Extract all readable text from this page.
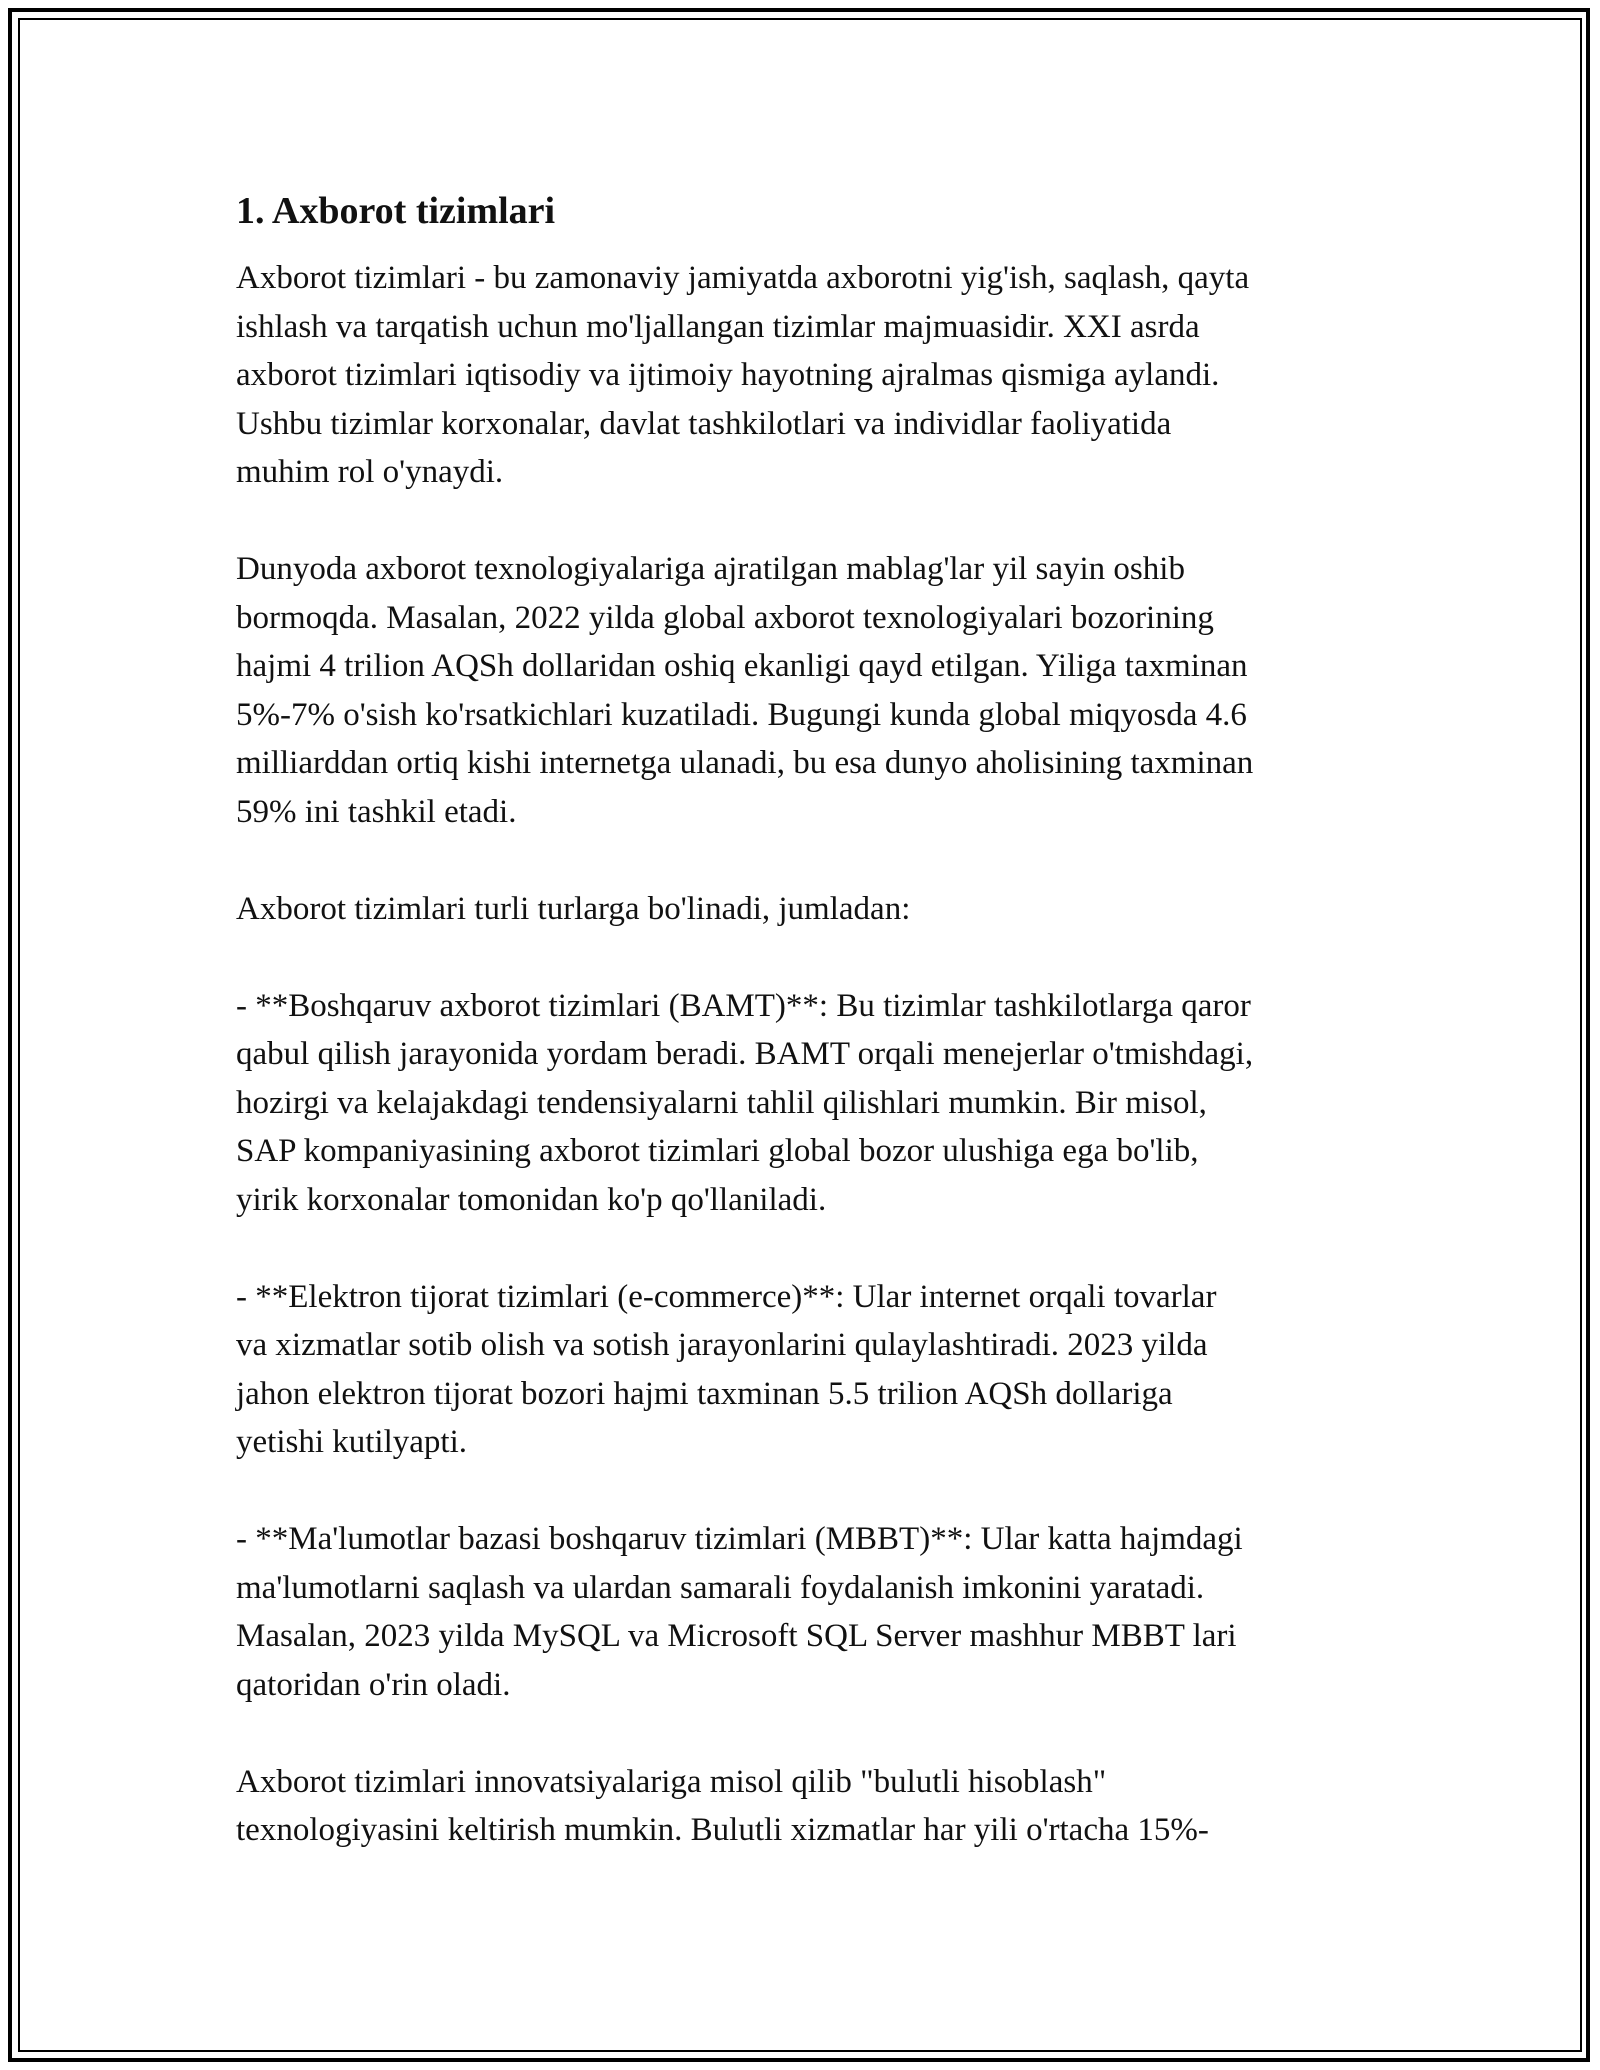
1. Axborot tizimlari

Axborot tizimlari - bu zamonaviy jamiyatda axborotni yig'ish, saqlash, qayta
ishlash va tarqatish uchun mo'ljallangan tizimlar majmuasidir. XXI asrda
axborot tizimlari iqtisodiy va ijtimoiy hayotning ajralmas qismiga aylandi.
Ushbu tizimlar korxonalar, davlat tashkilotlari va individlar faoliyatida
muhim rol o'ynaydi.

Dunyoda axborot texnologiyalariga ajratilgan mablag'lar yil sayin oshib
bormoqda. Masalan, 2022 yilda global axborot texnologiyalari bozorining
hajmi 4 trilion AQSh dollaridan oshiq ekanligi qayd etilgan. Yiliga taxminan
5%-7% o'sish ko'rsatkichlari kuzatiladi. Bugungi kunda global miqyosda 4.6
milliarddan ortiq kishi internetga ulanadi, bu esa dunyo aholisining taxminan
59% ini tashkil etadi.

Axborot tizimlari turli turlarga bo'linadi, jumladan:

- **Boshqaruv axborot tizimlari (BAMT)**: Bu tizimlar tashkilotlarga qaror
qabul qilish jarayonida yordam beradi. BAMT orqali menejerlar o'tmishdagi,
hozirgi va kelajakdagi tendensiyalarni tahlil qilishlari mumkin. Bir misol,
SAP kompaniyasining axborot tizimlari global bozor ulushiga ega bo'lib,
yirik korxonalar tomonidan ko'p qo'llaniladi.

- **Elektron tijorat tizimlari (e-commerce)**: Ular internet orqali tovarlar
va xizmatlar sotib olish va sotish jarayonlarini qulaylashtiradi. 2023 yilda
jahon elektron tijorat bozori hajmi taxminan 5.5 trilion AQSh dollariga
yetishi kutilyapti.

- **Ma'lumotlar bazasi boshqaruv tizimlari (MBBT)**: Ular katta hajmdagi
ma'lumotlarni saqlash va ulardan samarali foydalanish imkonini yaratadi.
Masalan, 2023 yilda MySQL va Microsoft SQL Server mashhur MBBT lari
qatoridan o'rin oladi.

Axborot tizimlari innovatsiyalariga misol qilib "bulutli hisoblash"
texnologiyasini keltirish mumkin. Bulutli xizmatlar har yili o'rtacha 15%-
